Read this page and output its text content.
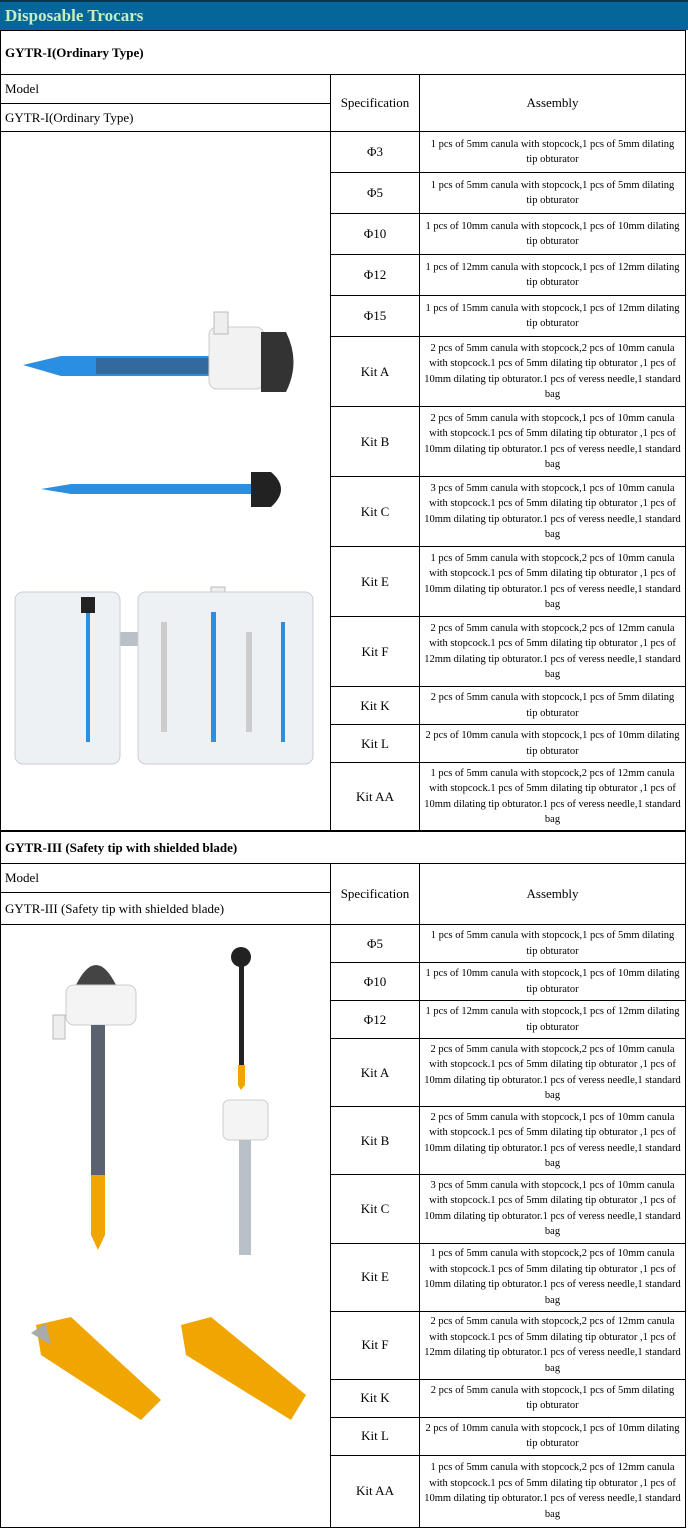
Disposable Trocars
GYTR-I(Ordinary Type)		
Model	Specification	Assembly
GYTR-I(Ordinary Type)		

	Φ3	1 pcs of 5mm canula with stopcock,1 pcs of 5mm dilating tip obturator
	Φ5	1 pcs of 5mm canula with stopcock,1 pcs of 5mm dilating tip obturator
	Φ10	1 pcs of 10mm canula with stopcock,1 pcs of 10mm dilating tip obturator
	Φ12	1 pcs of 12mm canula with stopcock,1 pcs of 12mm dilating tip obturator
	Φ15	1 pcs of 15mm canula with stopcock,1 pcs of 12mm dilating tip obturator
	Kit A	2 pcs of 5mm canula with stopcock,2 pcs of 10mm canula with stopcock.1 pcs of 5mm dilating tip obturator ,1 pcs of 10mm dilating tip obturator.1 pcs of veress needle,1 standard bag
	Kit B	2 pcs of 5mm canula with stopcock,1 pcs of 10mm canula with stopcock.1 pcs of 5mm dilating tip obturator ,1 pcs of 10mm dilating tip obturator.1 pcs of veress needle,1 standard bag
	Kit C	3 pcs of 5mm canula with stopcock,1 pcs of 10mm canula with stopcock.1 pcs of 5mm dilating tip obturator ,1 pcs of 10mm dilating tip obturator.1 pcs of veress needle,1 standard bag
	Kit E	1 pcs of 5mm canula with stopcock,2 pcs of 10mm canula with stopcock.1 pcs of 5mm dilating tip obturator ,1 pcs of 10mm dilating tip obturator.1 pcs of veress needle,1 standard bag
	Kit F	2 pcs of 5mm canula with stopcock,2 pcs of 12mm canula with stopcock.1 pcs of 5mm dilating tip obturator ,1 pcs of 12mm dilating tip obturator.1 pcs of veress needle,1 standard bag
	Kit K	2 pcs of 5mm canula with stopcock,1 pcs of 5mm dilating tip obturator
	Kit L	2 pcs of 10mm canula with stopcock,1 pcs of 10mm dilating tip obturator
	Kit AA	1 pcs of 5mm canula with stopcock,2 pcs of 12mm canula with stopcock.1 pcs of 5mm dilating tip obturator ,1 pcs of 10mm dilating tip obturator.1 pcs of veress needle,1 standard bag
GYTR-III (Safety tip with shielded blade)		
Model	Specification	Assembly
GYTR-III (Safety tip with shielded blade)		

	Φ5	1 pcs of 5mm canula with stopcock,1 pcs of 5mm dilating tip obturator
	Φ10	1 pcs of 10mm canula with stopcock,1 pcs of 10mm dilating tip obturator
	Φ12	1 pcs of 12mm canula with stopcock,1 pcs of 12mm dilating tip obturator
	Kit A	2 pcs of 5mm canula with stopcock,2 pcs of 10mm canula with stopcock.1 pcs of 5mm dilating tip obturator ,1 pcs of 10mm dilating tip obturator.1 pcs of veress needle,1 standard bag
	Kit B	2 pcs of 5mm canula with stopcock,1 pcs of 10mm canula with stopcock.1 pcs of 5mm dilating tip obturator ,1 pcs of 10mm dilating tip obturator.1 pcs of veress needle,1 standard bag
	Kit C	3 pcs of 5mm canula with stopcock,1 pcs of 10mm canula with stopcock.1 pcs of 5mm dilating tip obturator ,1 pcs of 10mm dilating tip obturator.1 pcs of veress needle,1 standard bag
	Kit E	1 pcs of 5mm canula with stopcock,2 pcs of 10mm canula with stopcock.1 pcs of 5mm dilating tip obturator ,1 pcs of 10mm dilating tip obturator.1 pcs of veress needle,1 standard bag
	Kit F	2 pcs of 5mm canula with stopcock,2 pcs of 12mm canula with stopcock.1 pcs of 5mm dilating tip obturator ,1 pcs of 12mm dilating tip obturator.1 pcs of veress needle,1 standard bag
	Kit K	2 pcs of 5mm canula with stopcock,1 pcs of 5mm dilating tip obturator
	Kit L	2 pcs of 10mm canula with stopcock,1 pcs of 10mm dilating tip obturator
	Kit AA	1 pcs of 5mm canula with stopcock,2 pcs of 12mm canula with stopcock.1 pcs of 5mm dilating tip obturator ,1 pcs of 10mm dilating tip obturator.1 pcs of veress needle,1 standard bag
